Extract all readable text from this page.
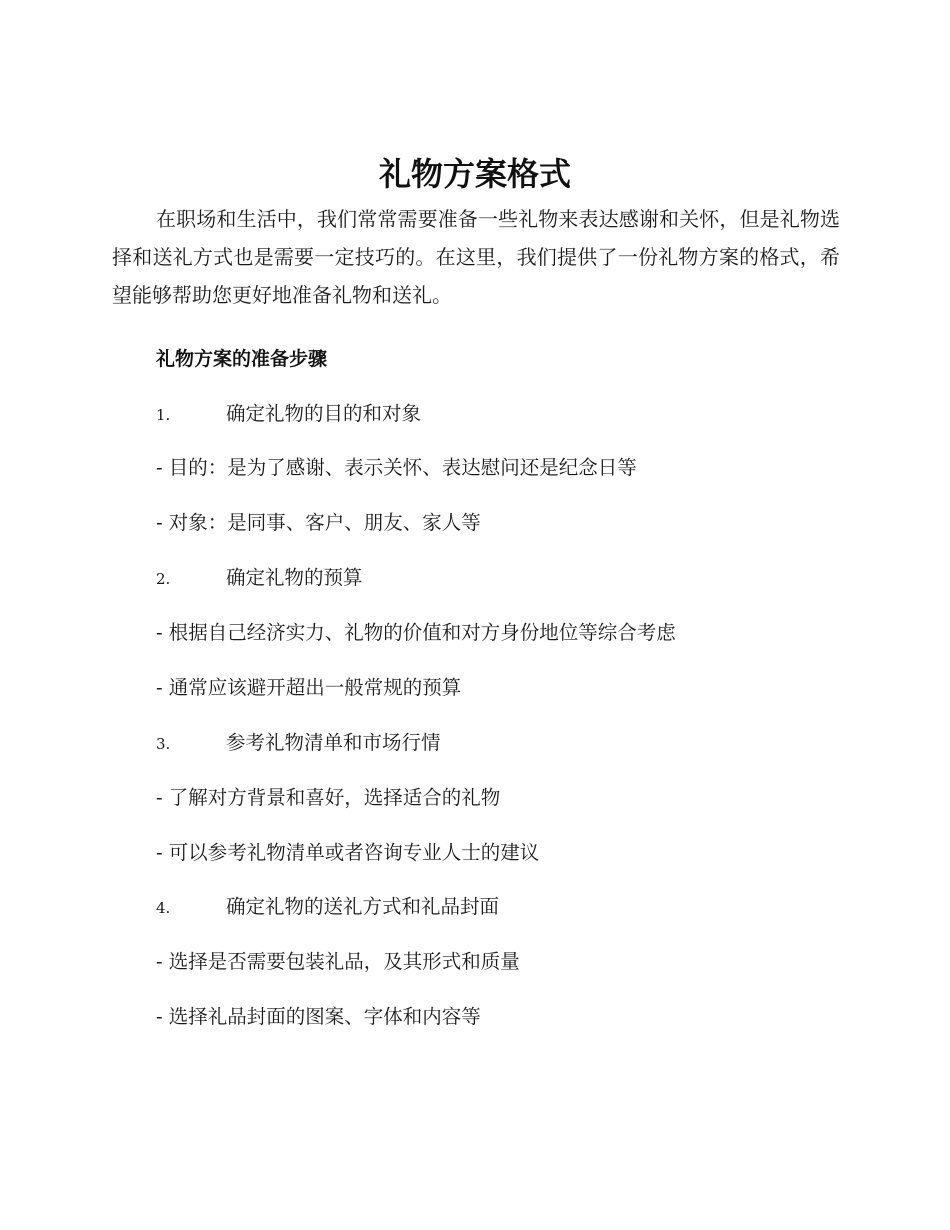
礼物方案格式

在职场和生活中，我们常常需要准备一些礼物来表达感谢和关怀，但是礼物选择和送礼方式也是需要一定技巧的。在这里，我们提供了一份礼物方案的格式，希望能够帮助您更好地准备礼物和送礼。

礼物方案的准备步骤

1.	确定礼物的目的和对象

- 目的：是为了感谢、表示关怀、表达慰问还是纪念日等

- 对象：是同事、客户、朋友、家人等

2.	确定礼物的预算

- 根据自己经济实力、礼物的价值和对方身份地位等综合考虑

- 通常应该避开超出一般常规的预算

3.	参考礼物清单和市场行情

- 了解对方背景和喜好，选择适合的礼物

- 可以参考礼物清单或者咨询专业人士的建议

4.	确定礼物的送礼方式和礼品封面

- 选择是否需要包装礼品，及其形式和质量

- 选择礼品封面的图案、字体和内容等
